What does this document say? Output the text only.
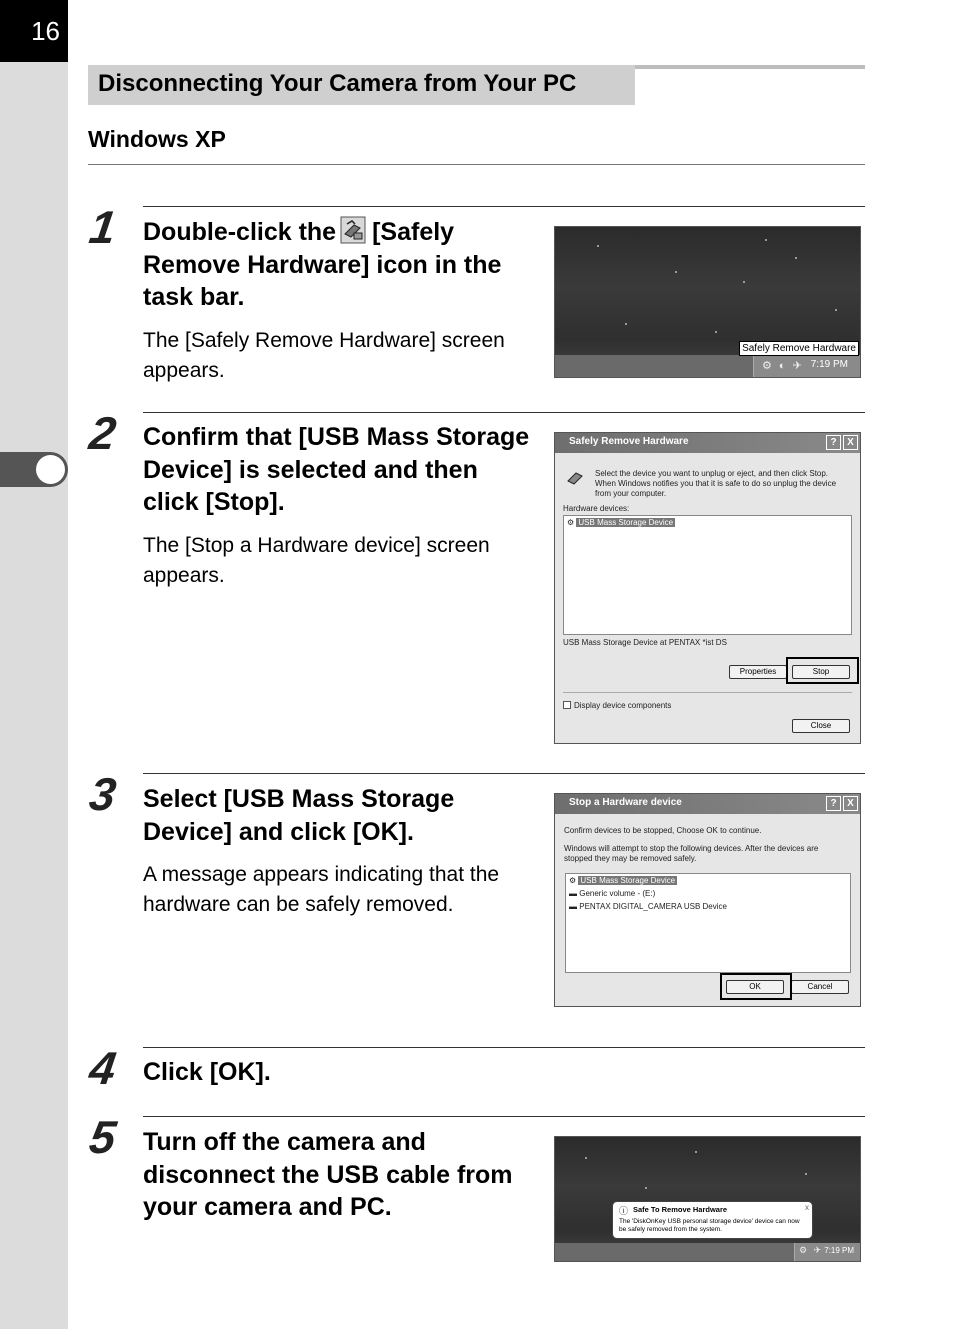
16
Disconnecting Your Camera from Your PC
Windows XP
1 Double-click the [Safely Remove Hardware] icon in the task bar.
The [Safely Remove Hardware] screen appears.	⚙ ◐ ✈ 7:19 PM
Safely Remove Hardware
2 Confirm that [USB Mass Storage Device] is selected and then click [Stop].
The [Stop a Hardware device] screen appears.
Safely Remove Hardware	?	X
Select the device you want to unplug or eject, and then click Stop. When Windows notifies you that it is safe to do so unplug the device from your computer.
Hardware devices:
⚙ USB Mass Storage Device
USB Mass Storage Device at PENTAX *ist DS
Properties	Stop
Display device components
Close
3 Select [USB Mass Storage Device] and click [OK].
A message appears indicating that the hardware can be safely removed.
Stop a Hardware device	?	X
Confirm devices to be stopped, Choose OK to continue.
Windows will attempt to stop the following devices. After the devices are stopped they may be removed safely.
⚙ USB Mass Storage Device
▬ Generic volume - (E:)
▬ PENTAX DIGITAL_CAMERA USB Device
OK	Cancel
4 Click [OK].
5 Turn off the camera and disconnect the USB cable from your camera and PC.	ⓘ Safe To Remove Hardware	x
The 'DiskOnKey USB personal storage device' device can now be safely removed from the system.
⚙ ✈ 7:19 PM
